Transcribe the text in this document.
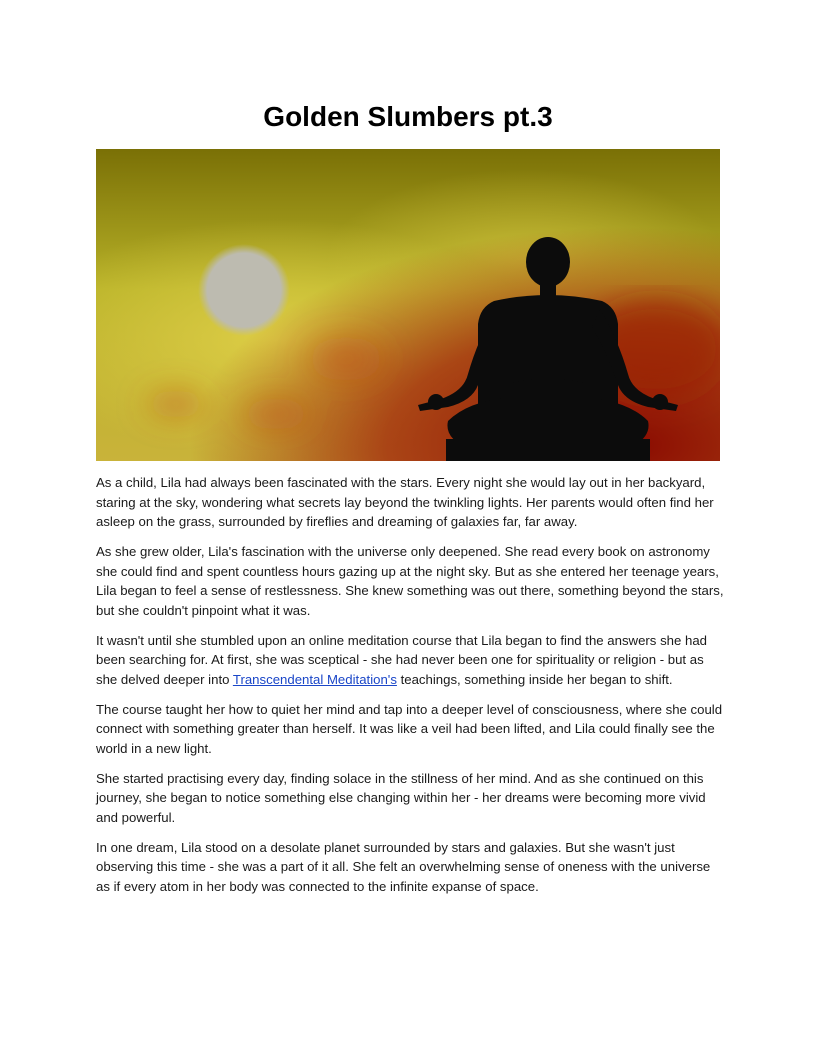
Golden Slumbers pt.3

As a child, Lila had always been fascinated with the stars. Every night she would lay out in her backyard, staring at the sky, wondering what secrets lay beyond the twinkling lights. Her parents would often find her asleep on the grass, surrounded by fireflies and dreaming of galaxies far, far away.

As she grew older, Lila's fascination with the universe only deepened. She read every book on astronomy she could find and spent countless hours gazing up at the night sky. But as she entered her teenage years, Lila began to feel a sense of restlessness. She knew something was out there, something beyond the stars, but she couldn't pinpoint what it was.

It wasn't until she stumbled upon an online meditation course that Lila began to find the answers she had been searching for. At first, she was sceptical - she had never been one for spirituality or religion - but as she delved deeper into Transcendental Meditation's teachings, something inside her began to shift.

The course taught her how to quiet her mind and tap into a deeper level of consciousness, where she could connect with something greater than herself. It was like a veil had been lifted, and Lila could finally see the world in a new light.

She started practising every day, finding solace in the stillness of her mind. And as she continued on this journey, she began to notice something else changing within her - her dreams were becoming more vivid and powerful.

In one dream, Lila stood on a desolate planet surrounded by stars and galaxies. But she wasn't just observing this time - she was a part of it all. She felt an overwhelming sense of oneness with the universe as if every atom in her body was connected to the infinite expanse of space.
